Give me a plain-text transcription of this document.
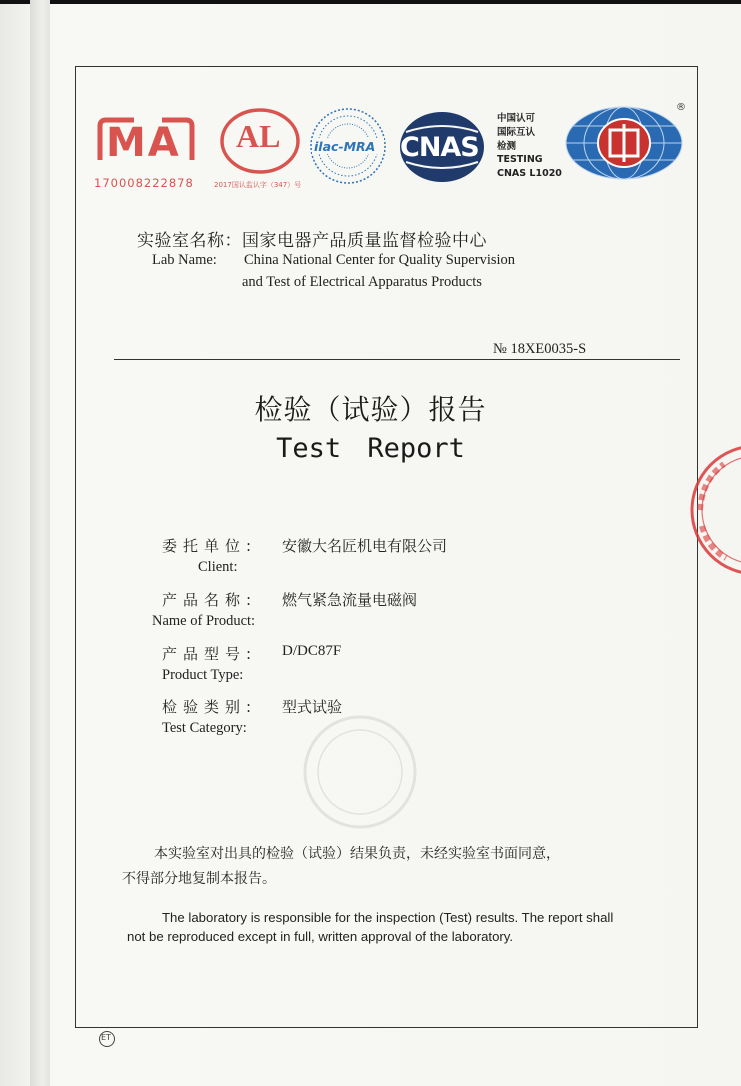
MA
170008222878
AL
2017国认监认字（347）号
ilac-MRA CNAS
中国认可
国际互认
检测
TESTING
CNAS L1020
®
实验室名称：国家电器产品质量监督检验中心
Lab Name: China National Center for Quality Supervision
and Test of Electrical Apparatus Products
№ 18XE0035-S
检验（试验）报告
Test Report
委托单位: 安徽大名匠机电有限公司
Client:
产品名称: 燃气紧急流量电磁阀
Name of Product:
产品型号: D/DC87F
Product Type:
检验类别: 型式试验
Test Category:
本实验室对出具的检验（试验）结果负责，未经实验室书面同意，
不得部分地复制本报告。
The laboratory is responsible for the inspection (Test) results. The report shall
not be reproduced except in full, written approval of the laboratory.
ET
